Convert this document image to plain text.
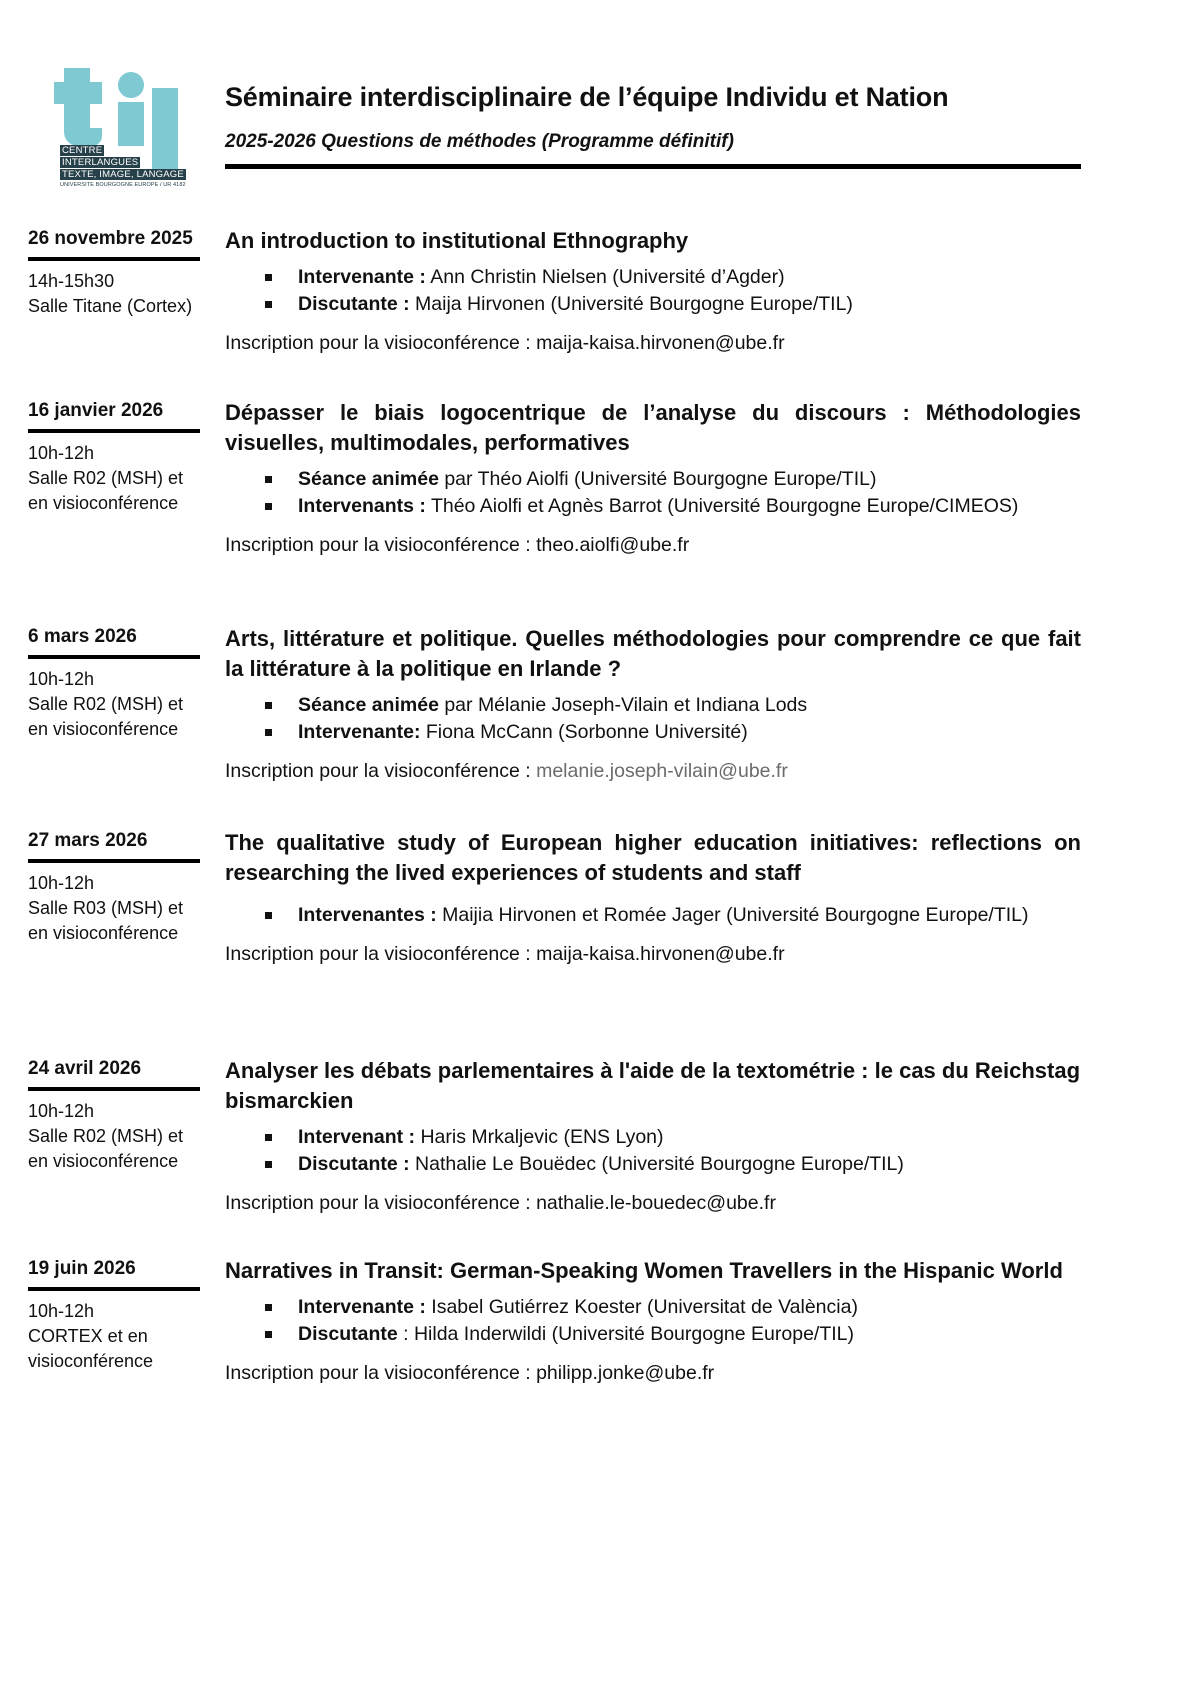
CENTRE
INTERLANGUES
TEXTE, IMAGE, LANGAGE
UNIVERSITE BOURGOGNE EUROPE / UR 4182
Séminaire interdisciplinaire de l’équipe Individu et Nation
2025-2026 Questions de méthodes (Programme définitif)
26 novembre 2025
14h-15h30
Salle Titane (Cortex)
An introduction to institutional Ethnography
Intervenante : Ann Christin Nielsen (Université d’Agder)
Discutante : Maija Hirvonen (Université Bourgogne Europe/TIL)
Inscription pour la visioconférence : maija-kaisa.hirvonen@ube.fr
16 janvier 2026
10h-12h
Salle R02 (MSH) et en visioconférence
Dépasser le biais logocentrique de l’analyse du discours : Méthodologies visuelles, multimodales, performatives
Séance animée par Théo Aiolfi (Université Bourgogne Europe/TIL)
Intervenants : Théo Aiolfi et Agnès Barrot (Université Bourgogne Europe/CIMEOS)
Inscription pour la visioconférence : theo.aiolfi@ube.fr
6 mars 2026
10h-12h
Salle R02 (MSH) et en visioconférence
Arts, littérature et politique. Quelles méthodologies pour comprendre ce que fait la littérature à la politique en Irlande ?
Séance animée par Mélanie Joseph-Vilain et Indiana Lods
Intervenante: Fiona McCann (Sorbonne Université)
Inscription pour la visioconférence : melanie.joseph-vilain@ube.fr
27 mars 2026
10h-12h
Salle R03 (MSH) et en visioconférence
The qualitative study of European higher education initiatives: reflections on researching the lived experiences of students and staff
Intervenantes : Maijia Hirvonen et Romée Jager (Université Bourgogne Europe/TIL)
Inscription pour la visioconférence : maija-kaisa.hirvonen@ube.fr
24 avril 2026
10h-12h
Salle R02 (MSH) et en visioconférence
Analyser les débats parlementaires à l'aide de la textométrie : le cas du Reichstag bismarckien
Intervenant : Haris Mrkaljevic (ENS Lyon)
Discutante : Nathalie Le Bouëdec (Université Bourgogne Europe/TIL)
Inscription pour la visioconférence : nathalie.le-bouedec@ube.fr
19 juin 2026
10h-12h
CORTEX et en visioconférence
Narratives in Transit: German-Speaking Women Travellers in the Hispanic World
Intervenante : Isabel Gutiérrez Koester (Universitat de València)
Discutante : Hilda Inderwildi (Université Bourgogne Europe/TIL)
Inscription pour la visioconférence : philipp.jonke@ube.fr
